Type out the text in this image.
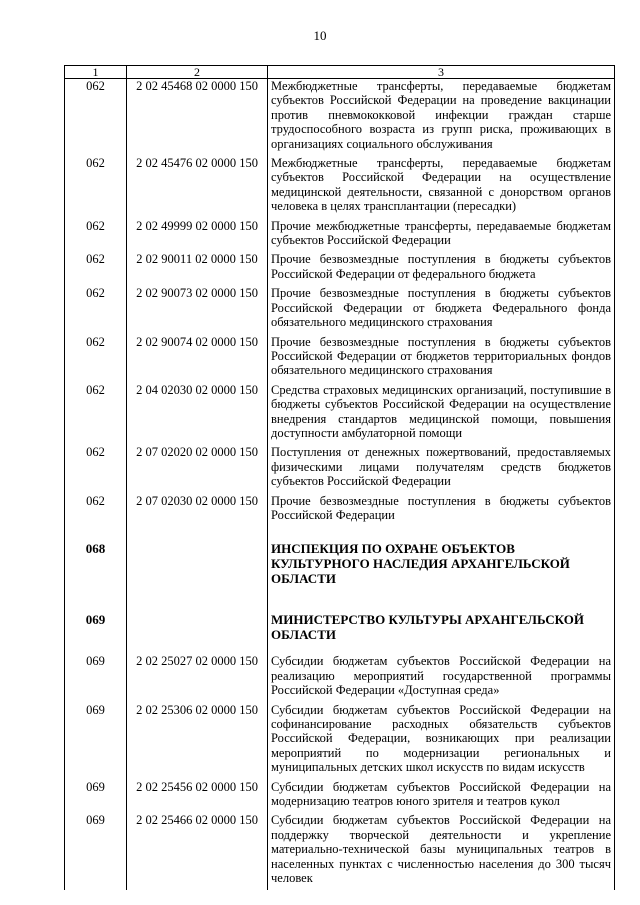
10
1	2	3
062	2 02 45468 02 0000 150	Межбюджетные трансферты, передаваемые бюджетам субъектов Российской Федерации на проведение вакцинации против пневмококковой инфекции граждан старше трудоспособного возраста из групп риска, проживающих в организациях социального обслуживания
062	2 02 45476 02 0000 150	Межбюджетные трансферты, передаваемые бюджетам субъектов Российской Федерации на осуществление медицинской деятельности, связанной с донорством органов человека в целях трансплантации (пересадки)
062	2 02 49999 02 0000 150	Прочие межбюджетные трансферты, передаваемые бюджетам субъектов Российской Федерации
062	2 02 90011 02 0000 150	Прочие безвозмездные поступления в бюджеты субъектов Российской Федерации от федерального бюджета
062	2 02 90073 02 0000 150	Прочие безвозмездные поступления в бюджеты субъектов Российской Федерации от бюджета Федерального фонда обязательного медицинского страхования
062	2 02 90074 02 0000 150	Прочие безвозмездные поступления в бюджеты субъектов Российской Федерации от бюджетов территориальных фондов обязательного медицинского страхования
062	2 04 02030 02 0000 150	Средства страховых медицинских организаций, поступившие в бюджеты субъектов Российской Федерации на осуществление внедрения стандартов медицинской помощи, повышения доступности амбулаторной помощи
062	2 07 02020 02 0000 150	Поступления от денежных пожертвований, предоставляемых физическими лицами получателям средств бюджетов субъектов Российской Федерации
062	2 07 02030 02 0000 150	Прочие безвозмездные поступления в бюджеты субъектов Российской Федерации
068		ИНСПЕКЦИЯ ПО ОХРАНЕ ОБЪЕКТОВ КУЛЬТУРНОГО НАСЛЕДИЯ АРХАНГЕЛЬСКОЙ ОБЛАСТИ
069		МИНИСТЕРСТВО КУЛЬТУРЫ АРХАНГЕЛЬСКОЙ ОБЛАСТИ
069	2 02 25027 02 0000 150	Субсидии бюджетам субъектов Российской Федерации на реализацию мероприятий государственной программы Российской Федерации «Доступная среда»
069	2 02 25306 02 0000 150	Субсидии бюджетам субъектов Российской Федерации на софинансирование расходных обязательств субъектов Российской Федерации, возникающих при реализации мероприятий по модернизации региональных и муниципальных детских школ искусств по видам искусств
069	2 02 25456 02 0000 150	Субсидии бюджетам субъектов Российской Федерации на модернизацию театров юного зрителя и театров кукол
069	2 02 25466 02 0000 150	Субсидии бюджетам субъектов Российской Федерации на поддержку творческой деятельности и укрепление материально-технической базы муниципальных театров в населенных пунктах с численностью населения до 300 тысяч человек
